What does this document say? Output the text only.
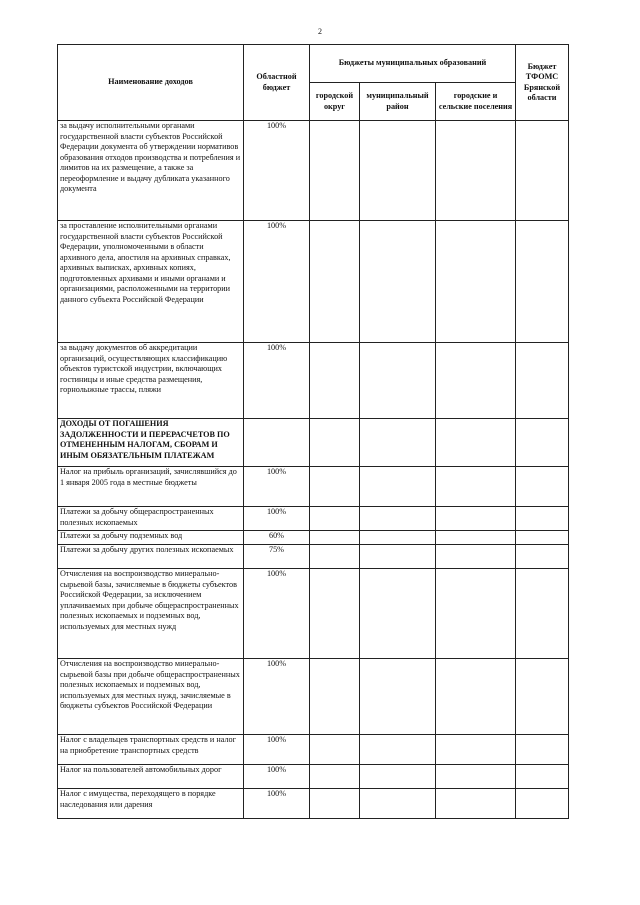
2
Наименование доходов	Областной бюджет	Бюджеты муниципальных образований			Бюджет ТФОМС Брянской области
		городской округ	муниципальный район	городские и сельские поселения	
за выдачу исполнительными органами государственной власти субъектов Российской Федерации документа об утверждении нормативов образования отходов производства и потребления и лимитов на их размещение, а также за переоформление и выдачу дубликата указанного документа	100%				
за проставление исполнительными органами государственной власти субъектов Российской Федерации, уполномоченными в области архивного дела, апостиля на архивных справках, архивных выписках, архивных копиях, подготовленных архивами и иными органами и организациями, расположенными на территории данного субъекта Российской Федерации	100%				
за выдачу документов об аккредитации организаций, осуществляющих классификацию объектов туристской индустрии, включающих гостиницы и иные средства размещения, горнолыжные трассы, пляжи	100%				
ДОХОДЫ ОТ ПОГАШЕНИЯ ЗАДОЛЖЕННОСТИ И ПЕРЕРАСЧЕТОВ ПО ОТМЕНЕННЫМ НАЛОГАМ, СБОРАМ И ИНЫМ ОБЯЗАТЕЛЬНЫМ ПЛАТЕЖАМ					
Налог на прибыль организаций, зачислявшийся до 1 января 2005 года в местные бюджеты	100%				
Платежи за добычу общераспространенных полезных ископаемых	100%				
Платежи за добычу подземных вод	60%				
Платежи за добычу других полезных ископаемых	75%				
Отчисления на воспроизводство минерально-сырьевой базы, зачисляемые в бюджеты субъектов Российской Федерации, за исключением уплачиваемых при добыче общераспространенных полезных ископаемых и подземных вод, используемых для местных нужд	100%				
Отчисления на воспроизводство минерально-сырьевой базы при добыче общераспространенных полезных ископаемых и подземных вод, используемых для местных нужд, зачисляемые в бюджеты субъектов Российской Федерации	100%				
Налог с владельцев транспортных средств и налог на приобретение транспортных средств	100%				
Налог на пользователей автомобильных дорог	100%				
Налог с имущества, переходящего в порядке наследования или дарения	100%				
